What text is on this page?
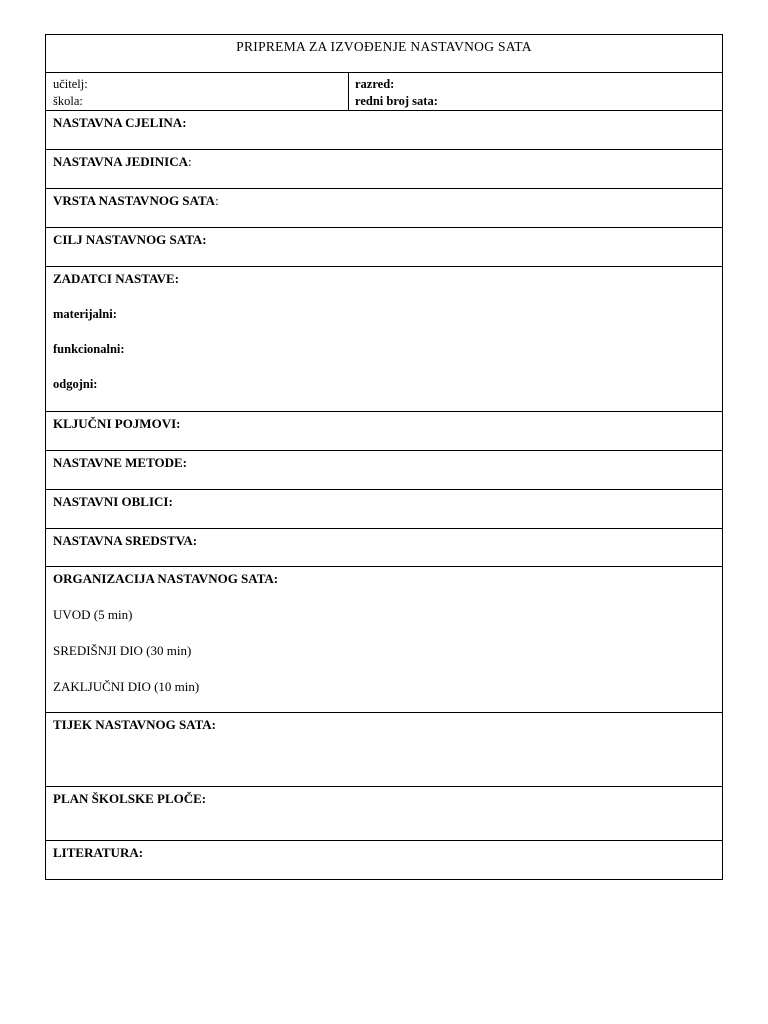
PRIPREMA ZA IZVOĐENJE NASTAVNOG SATA
učitelj:
škola:
razred:
redni broj sata:
NASTAVNA CJELINA:
NASTAVNA JEDINICA:
VRSTA NASTAVNOG SATA:
CILJ NASTAVNOG SATA:
ZADATCI NASTAVE:
materijalni:
funkcionalni:
odgojni:
KLJUČNI POJMOVI:
NASTAVNE METODE:
NASTAVNI OBLICI:
NASTAVNA SREDSTVA:
ORGANIZACIJA NASTAVNOG SATA:
UVOD (5 min)
SREDIŠNJI DIO (30 min)
ZAKLJUČNI DIO (10 min)
TIJEK NASTAVNOG SATA:
PLAN ŠKOLSKE PLOČE:
LITERATURA:
